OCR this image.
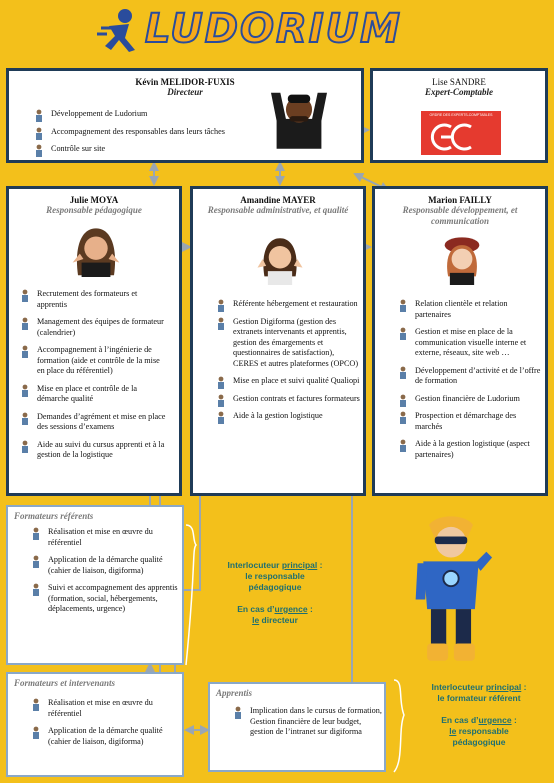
LUDORIUM
Kévin MELIDOR-FUXIS
Directeur
Développement de Ludorium
Accompagnement des responsables dans leurs tâches
Contrôle sur site
Lise SANDRE
Expert-Comptable
ORDRE DES EXPERTS-COMPTABLES
Julie MOYA
Responsable pédagogique
Recrutement des formateurs et apprentis
Management des équipes de formateur (calendrier)
Accompagnement à l’ingénierie de formation (aide et contrôle de la mise en place du référentiel)
Mise en place et contrôle de la démarche qualité
Demandes d’agrément et mise en place des sessions d’examens
Aide au suivi du cursus apprenti et à la gestion de la logistique
Amandine MAYER
Responsable administrative, et qualité
Référente hébergement et restauration
Gestion Digiforma (gestion des extranets intervenants et apprentis, gestion des émargements et questionnaires de satisfaction), CERES et autres plateformes (OPCO)
Mise en place et suivi qualité Qualiopi
Gestion contrats et factures formateurs
Aide à la gestion logistique
Marion FAILLY
Responsable développement, et communication
Relation clientèle et relation partenaires
Gestion et mise en place de la communication visuelle interne et externe, réseaux, site web …
Développement d’activité et de l’offre de formation
Gestion financière de Ludorium
Prospection et démarchage des marchés
Aide à la gestion logistique (aspect partenaires)
Formateurs référents
Réalisation et mise en œuvre du référentiel
Application de la démarche qualité (cahier de liaison, digiforma)
Suivi et accompagnement des apprentis (formation, social, hébergements, déplacements, urgence)
Interlocuteur principal :
le responsable
pédagogique
En cas d’urgence :
le directeur
Formateurs et intervenants
Réalisation et mise en œuvre du référentiel
Application de la démarche qualité (cahier de liaison, digiforma)
Apprentis
Implication dans le cursus de formation, Gestion financière de leur budget, gestion de l’intranet sur digiforma
Interlocuteur principal :
le formateur référent
En cas d’urgence :
le responsable
pédagogique
